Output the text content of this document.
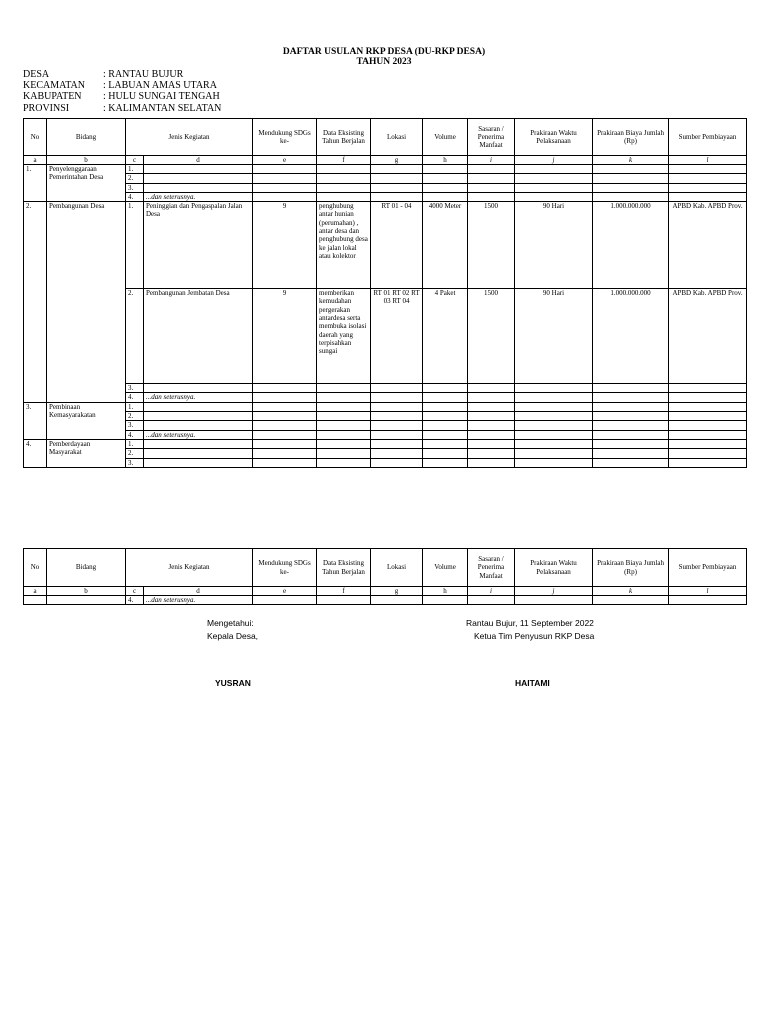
DAFTAR USULAN RKP DESA (DU-RKP DESA)
TAHUN 2023
DESA	: RANTAU BUJUR
KECAMATAN	: LABUAN AMAS UTARA
KABUPATEN	: HULU SUNGAI TENGAH
PROVINSI	: KALIMANTAN SELATAN
No	Bidang	Jenis Kegiatan		Mendukung SDGs ke-	Data Eksisting Tahun Berjalan	Lokasi	Volume	Sasaran / Penerima Manfaat	Prakiraan Waktu Pelaksanaan	Prakiraan Biaya Jumlah (Rp)	Sumber Pembiayaan
a	b	c	d	e	f	g	h	i	j	k	l
1.	Penyelenggaraan Pemerintahan Desa	1.									
		2.									
		3.									
		4.	...dan seterusnya.								
2.	Pembangunan Desa	1.	Peninggian dan Pengaspalan Jalan Desa	9	penghubung antar hunian (perumahan) , antar desa dan penghubung desa ke jalan lokal atau kolektor	RT 01 - 04	4000 Meter	1500	90 Hari	1.000.000.000	APBD Kab. APBD Prov.
		2.	Pembangunan Jembatan Desa	9	memberikan kemudahan pergerakan antardesa serta membuka isolasi daerah yang terpisahkan sungai	RT 01 RT 02 RT 03 RT 04	4 Paket	1500	90 Hari	1.000.000.000	APBD Kab. APBD Prov.
		3.									
		4.	...dan seterusnya.								
3.	Pembinaan Kemasyarakatan	1.									
		2.									
		3.									
		4.	...dan seterusnya.								
4.	Pemberdayaan Masyarakat	1.									
		2.									
		3.									
No	Bidang	Jenis Kegiatan		Mendukung SDGs ke-	Data Eksisting Tahun Berjalan	Lokasi	Volume	Sasaran / Penerima Manfaat	Prakiraan Waktu Pelaksanaan	Prakiraan Biaya Jumlah (Rp)	Sumber Pembiayaan
a	b	c	d	e	f	g	h	i	j	k	l
		4.	...dan seterusnya.								
Mengetahui:
Kepala Desa,
YUSRAN
Rantau Bujur, 11 September 2022
Ketua Tim Penyusun RKP Desa
HAITAMI
